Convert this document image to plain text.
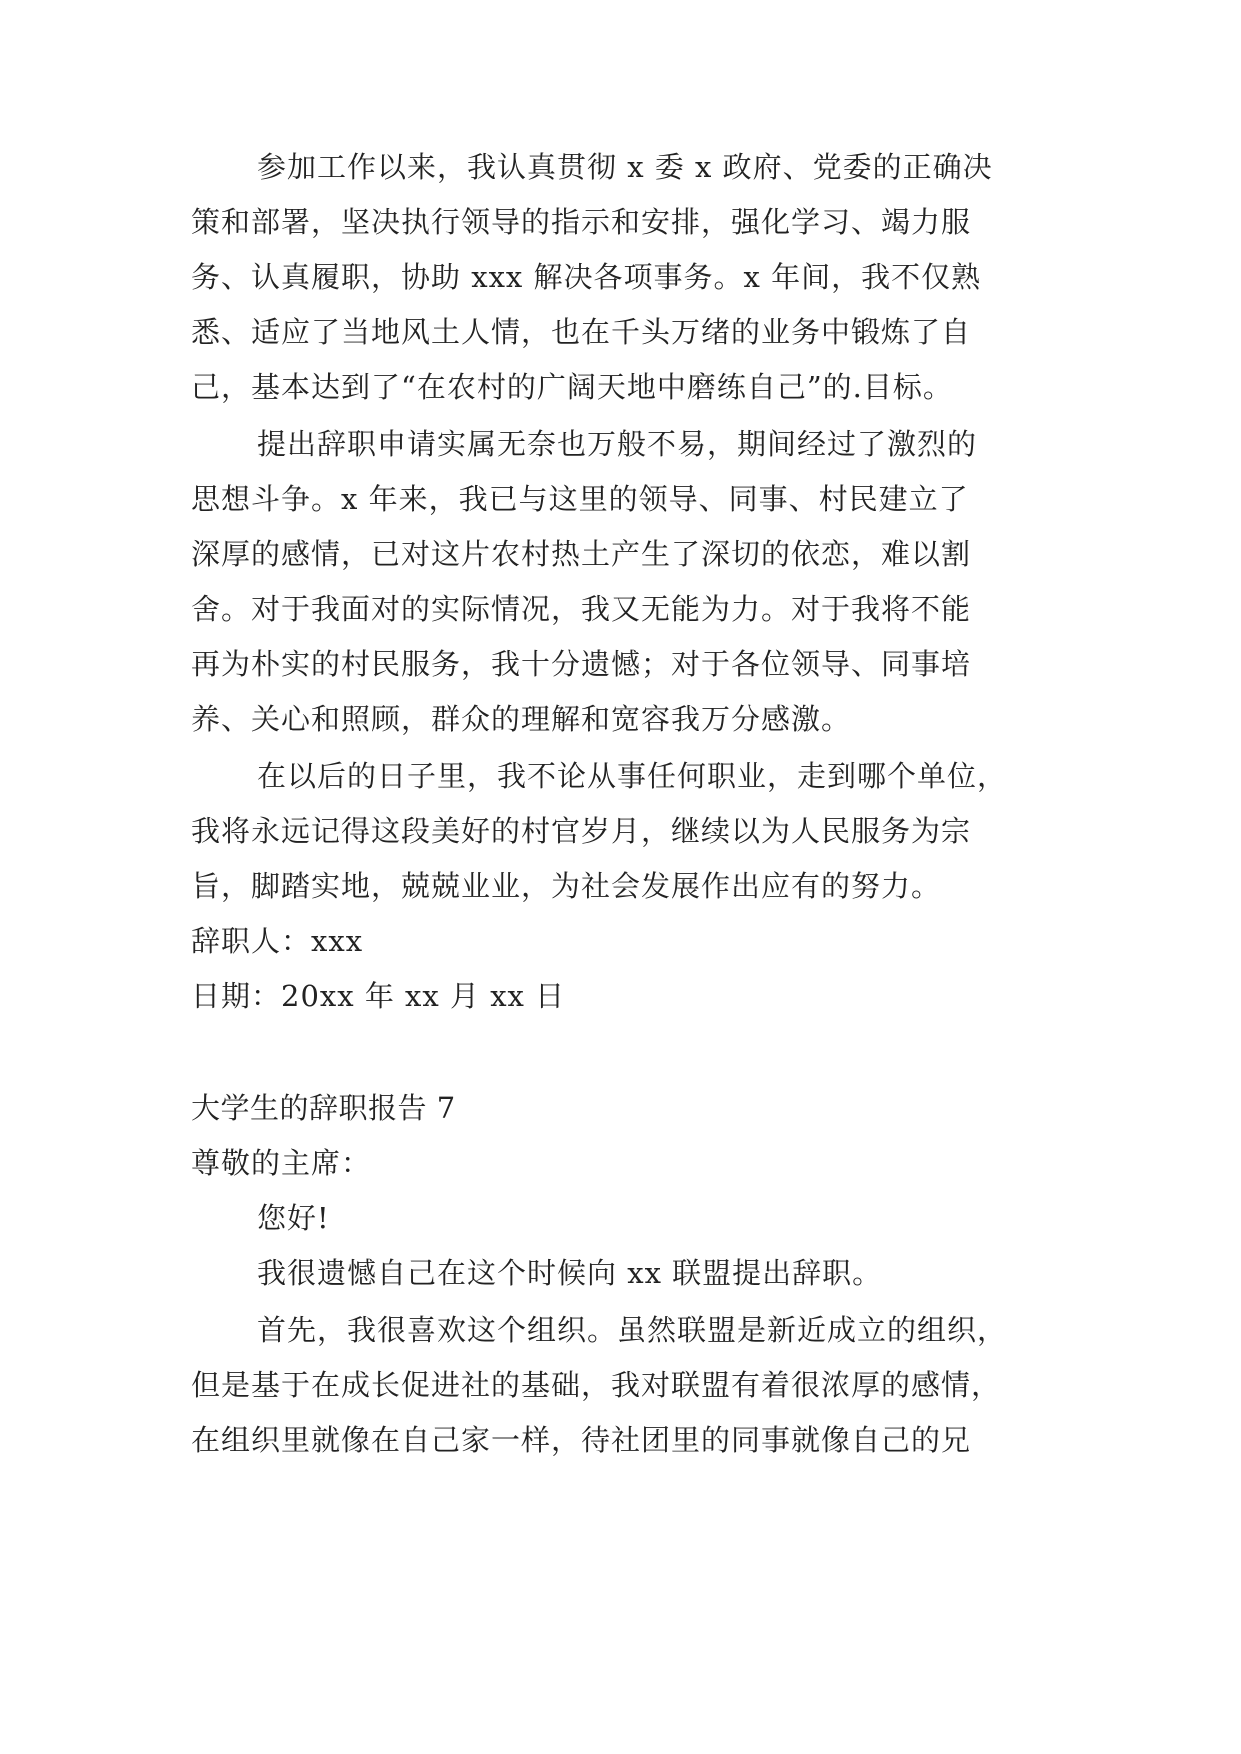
参加工作以来，我认真贯彻 x 委 x 政府、党委的正确决
策和部署，坚决执行领导的指示和安排，强化学习、竭力服
务、认真履职，协助 xxx 解决各项事务。x 年间，我不仅熟
悉、适应了当地风土人情，也在千头万绪的业务中锻炼了自
己，基本达到了“在农村的广阔天地中磨练自己”的.目标。
提出辞职申请实属无奈也万般不易，期间经过了激烈的
思想斗争。x 年来，我已与这里的领导、同事、村民建立了
深厚的感情，已对这片农村热土产生了深切的依恋，难以割
舍。对于我面对的实际情况，我又无能为力。对于我将不能
再为朴实的村民服务，我十分遗憾；对于各位领导、同事培
养、关心和照顾，群众的理解和宽容我万分感激。
在以后的日子里，我不论从事任何职业，走到哪个单位，
我将永远记得这段美好的村官岁月，继续以为人民服务为宗
旨，脚踏实地，兢兢业业，为社会发展作出应有的努力。
辞职人：xxx
日期：20xx 年 xx 月 xx 日
大学生的辞职报告 7
尊敬的主席：
您好!
我很遗憾自己在这个时候向 xx 联盟提出辞职。
首先，我很喜欢这个组织。虽然联盟是新近成立的组织，
但是基于在成长促进社的基础，我对联盟有着很浓厚的感情，
在组织里就像在自己家一样，待社团里的同事就像自己的兄
